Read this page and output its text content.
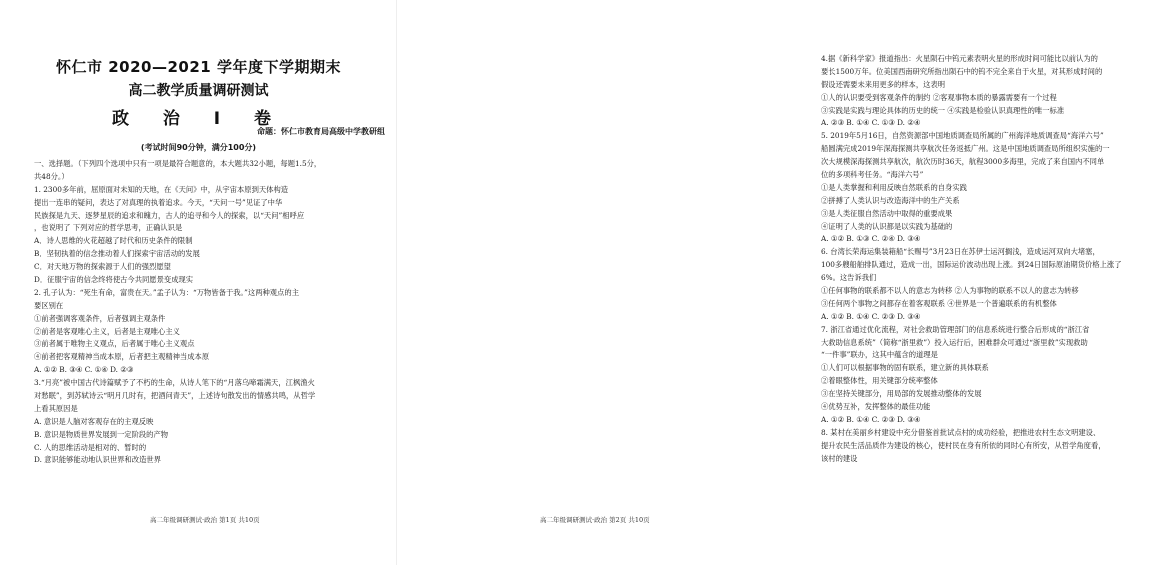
怀仁市 2020—2021 学年度下学期期末
高二教学质量调研测试
政 治 I 卷
命题：怀仁市教育局高级中学教研组
(考试时间90分钟，满分100分)
一、选择题。（下列四个选项中只有一项是最符合题意的，本大题共32小题，每题1.5分，
共48分。）
1. 2300多年前，屈原面对未知的天地，在《天问》中，从宇宙本原到天体构造
提出一连串的疑问，表达了对真理的执着追求。今天，“天问一号”见证了中华
民族探是九天、逐梦星辰的追求和魄力，古人的追寻和今人的探索，以“天问”相呼应
，也说明了 下列对应的哲学思考，正确认识是
A．诗人思维的火花超越了时代和历史条件的限制
B．坚韧执着的信念推动着人们探索宇宙活动的发展
C．对天地万物的探索源于人们的强烈愿望
D．征服宇宙的信念终将使古今共同愿景变成现实
2. 孔子认为：“死生有命，富贵在天。”孟子认为：“万物皆备于我。”这两种观点的主
要区别在
①前者强调客观条件，后者强调主观条件
②前者是客观唯心主义，后者是主观唯心主义
③前者属于唯物主义观点，后者属于唯心主义观点
④前者把客观精神当成本原，后者把主观精神当成本原
A. ①② B. ③④ C. ①④ D. ②③
3.“月亮”被中国古代诗篇赋予了不朽的生命，从诗人笔下的“月落乌啼霜满天，江枫渔火
对愁眠”，到苏轼诗云“明月几时有，把酒问青天”，上述诗句散发出的情感共鸣，从哲学
上看其原因是
A. 意识是人脑对客观存在的主观反映
B. 意识是物质世界发展到一定阶段的产物
C. 人的思维活动是相对的、暂时的
D. 意识能够能动地认识世界和改造世界
高二年级调研测试·政治 第1页 共10页
4.据《新科学家》报道指出：火星陨石中钨元素表明火星的形成时间可能比以前认为的
要长1500万年。位美国西南研究所指出陨石中的钨不完全来自于火星，对其形成时间的
假设还需要未来用更多的样本，这表明
①人的认识要受到客观条件的制约 ②客观事物本质的暴露需要有一个过程
③实践是实践与理论具体的历史的统一 ④实践是检验认识真理性的唯一标准
A. ②③ B. ①④ C. ①③ D. ②④
5. 2019年5月16日，自然资源部中国地质调查局所属的广州海洋地质调查局“海洋六号”
船圆满完成2019年深海探测共享航次任务返抵广州。这是中国地质调查局所组织实施的一
次大规模深海探测共享航次，航次历时36天，航程3000多海里，完成了来自国内不同单
位的多项科考任务。“海洋六号”
①是人类掌握和利用反映自然联系的自身实践
②拼搏了人类认识与改造海洋中的生产关系
③是人类征服自然活动中取得的重要成果
④证明了人类的认识都是以实践为基础的
A. ①② B. ①③ C. ②④ D. ③④
6. 台湾长荣海运集装箱船“长赐号”3月23日在苏伊士运河搁浅，造成运河双向大堵塞，
100多艘船舶排队通过，造成一出，国际运价波动出现上涨。到24日国际原油期货价格上涨了
6%。这告诉我们
①任何事物的联系都不以人的意志为转移 ②人为事物的联系不以人的意志为转移
③任何两个事物之间都存在着客观联系 ④世界是一个普遍联系的有机整体
A. ①② B. ①④ C. ②③ D. ③④
7. 浙江省通过优化流程，对社会救助管理部门的信息系统进行整合后形成的“浙江省
大救助信息系统”（简称“浙里救”）投入运行后，困难群众可通过“浙里救”实现救助
“一件事”联办，这其中蕴含的道理是
①人们可以根据事物的固有联系，建立新的具体联系
②着眼整体性，用关键部分统率整体
③在坚持关键部分，用局部的发展推动整体的发展
④优势互补，发挥整体的最佳功能
A. ①② B. ①④ C. ②③ D. ③④
8. 某村在美丽乡村建设中充分借鉴首批试点村的成功经验，把推进农村生态文明建设、
提升农民生活品质作为建设的核心，使村民在身有所依的同时心有所安，从哲学角度看，
该村的建设
高二年级调研测试·政治 第2页 共10页
